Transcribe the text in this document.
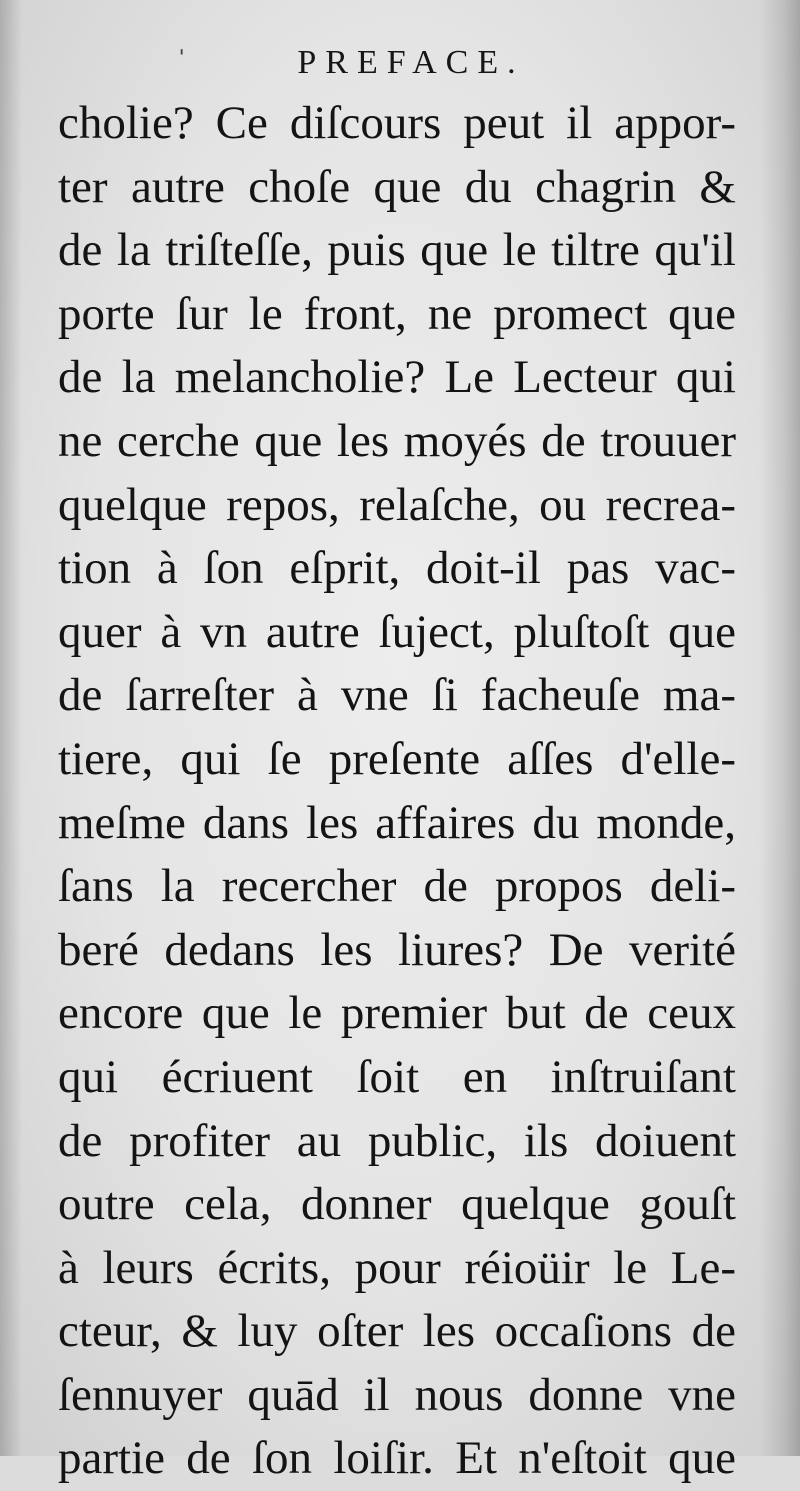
ˌ
PREFACE.
cholie? Ce diſcours peut il appor-
ter autre choſe que du chagrin &
de la triſteſſe, puis que le tiltre qu'il
porte ſur le front, ne promect que
de la melancholie? Le Lecteur qui
ne cerche que les moyés de trouuer
quelque repos, relaſche, ou recrea-
tion à ſon eſprit, doit-il pas vac-
quer à vn autre ſuject, pluſtoſt que
de ſarreſter à vne ſi facheuſe ma-
tiere, qui ſe preſente aſſes d'elle-
meſme dans les affaires du monde,
ſans la recercher de propos deli-
beré dedans les liures? De verité
encore que le premier but de ceux
qui écriuent ſoit en inſtruiſant
de profiter au public, ils doiuent
outre cela, donner quelque gouſt
à leurs écrits, pour réioüir le Le-
cteur, & luy oſter les occaſions de
ſennuyer quād il nous donne vne
partie de ſon loiſir. Et n'eſtoit que
